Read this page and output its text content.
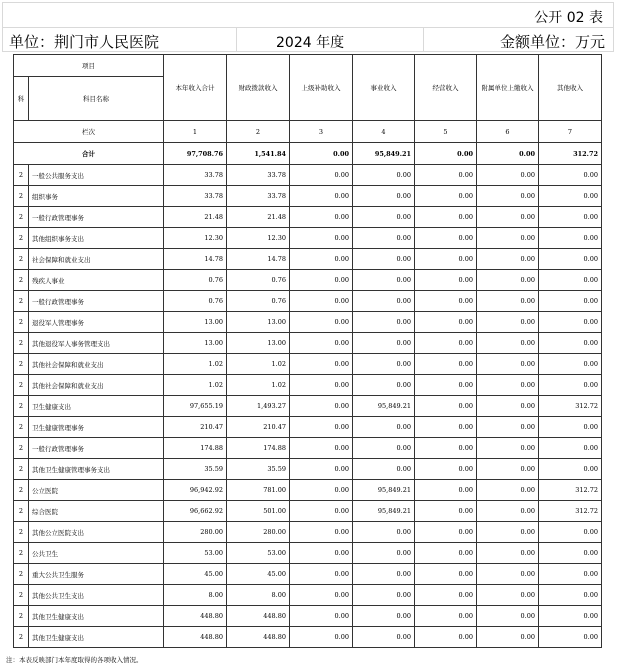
公开 02 表
单位：荆门市人民医院	2024 年度	金额单位：万元
项目		本年收入合计	财政拨款收入	上级补助收入	事业收入	经营收入	附属单位上缴收入	其他收入
科	科目名称							

栏次		1	2	3	4	5	6	7
合计		97,708.76	1,541.84	0.00	95,849.21	0.00	0.00	312.72
2	一般公共服务支出	33.78	33.78	0.00	0.00	0.00	0.00	0.00
2	组织事务	33.78	33.78	0.00	0.00	0.00	0.00	0.00
2	一般行政管理事务	21.48	21.48	0.00	0.00	0.00	0.00	0.00
2	其他组织事务支出	12.30	12.30	0.00	0.00	0.00	0.00	0.00
2	社会保障和就业支出	14.78	14.78	0.00	0.00	0.00	0.00	0.00
2	残疾人事业	0.76	0.76	0.00	0.00	0.00	0.00	0.00
2	一般行政管理事务	0.76	0.76	0.00	0.00	0.00	0.00	0.00
2	退役军人管理事务	13.00	13.00	0.00	0.00	0.00	0.00	0.00
2	其他退役军人事务管理支出	13.00	13.00	0.00	0.00	0.00	0.00	0.00
2	其他社会保障和就业支出	1.02	1.02	0.00	0.00	0.00	0.00	0.00
2	其他社会保障和就业支出	1.02	1.02	0.00	0.00	0.00	0.00	0.00
2	卫生健康支出	97,655.19	1,493.27	0.00	95,849.21	0.00	0.00	312.72
2	卫生健康管理事务	210.47	210.47	0.00	0.00	0.00	0.00	0.00
2	一般行政管理事务	174.88	174.88	0.00	0.00	0.00	0.00	0.00
2	其他卫生健康管理事务支出	35.59	35.59	0.00	0.00	0.00	0.00	0.00
2	公立医院	96,942.92	781.00	0.00	95,849.21	0.00	0.00	312.72
2	综合医院	96,662.92	501.00	0.00	95,849.21	0.00	0.00	312.72
2	其他公立医院支出	280.00	280.00	0.00	0.00	0.00	0.00	0.00
2	公共卫生	53.00	53.00	0.00	0.00	0.00	0.00	0.00
2	重大公共卫生服务	45.00	45.00	0.00	0.00	0.00	0.00	0.00
2	其他公共卫生支出	8.00	8.00	0.00	0.00	0.00	0.00	0.00
2	其他卫生健康支出	448.80	448.80	0.00	0.00	0.00	0.00	0.00
2	其他卫生健康支出	448.80	448.80	0.00	0.00	0.00	0.00	0.00
注：本表反映部门本年度取得的各项收入情况。
